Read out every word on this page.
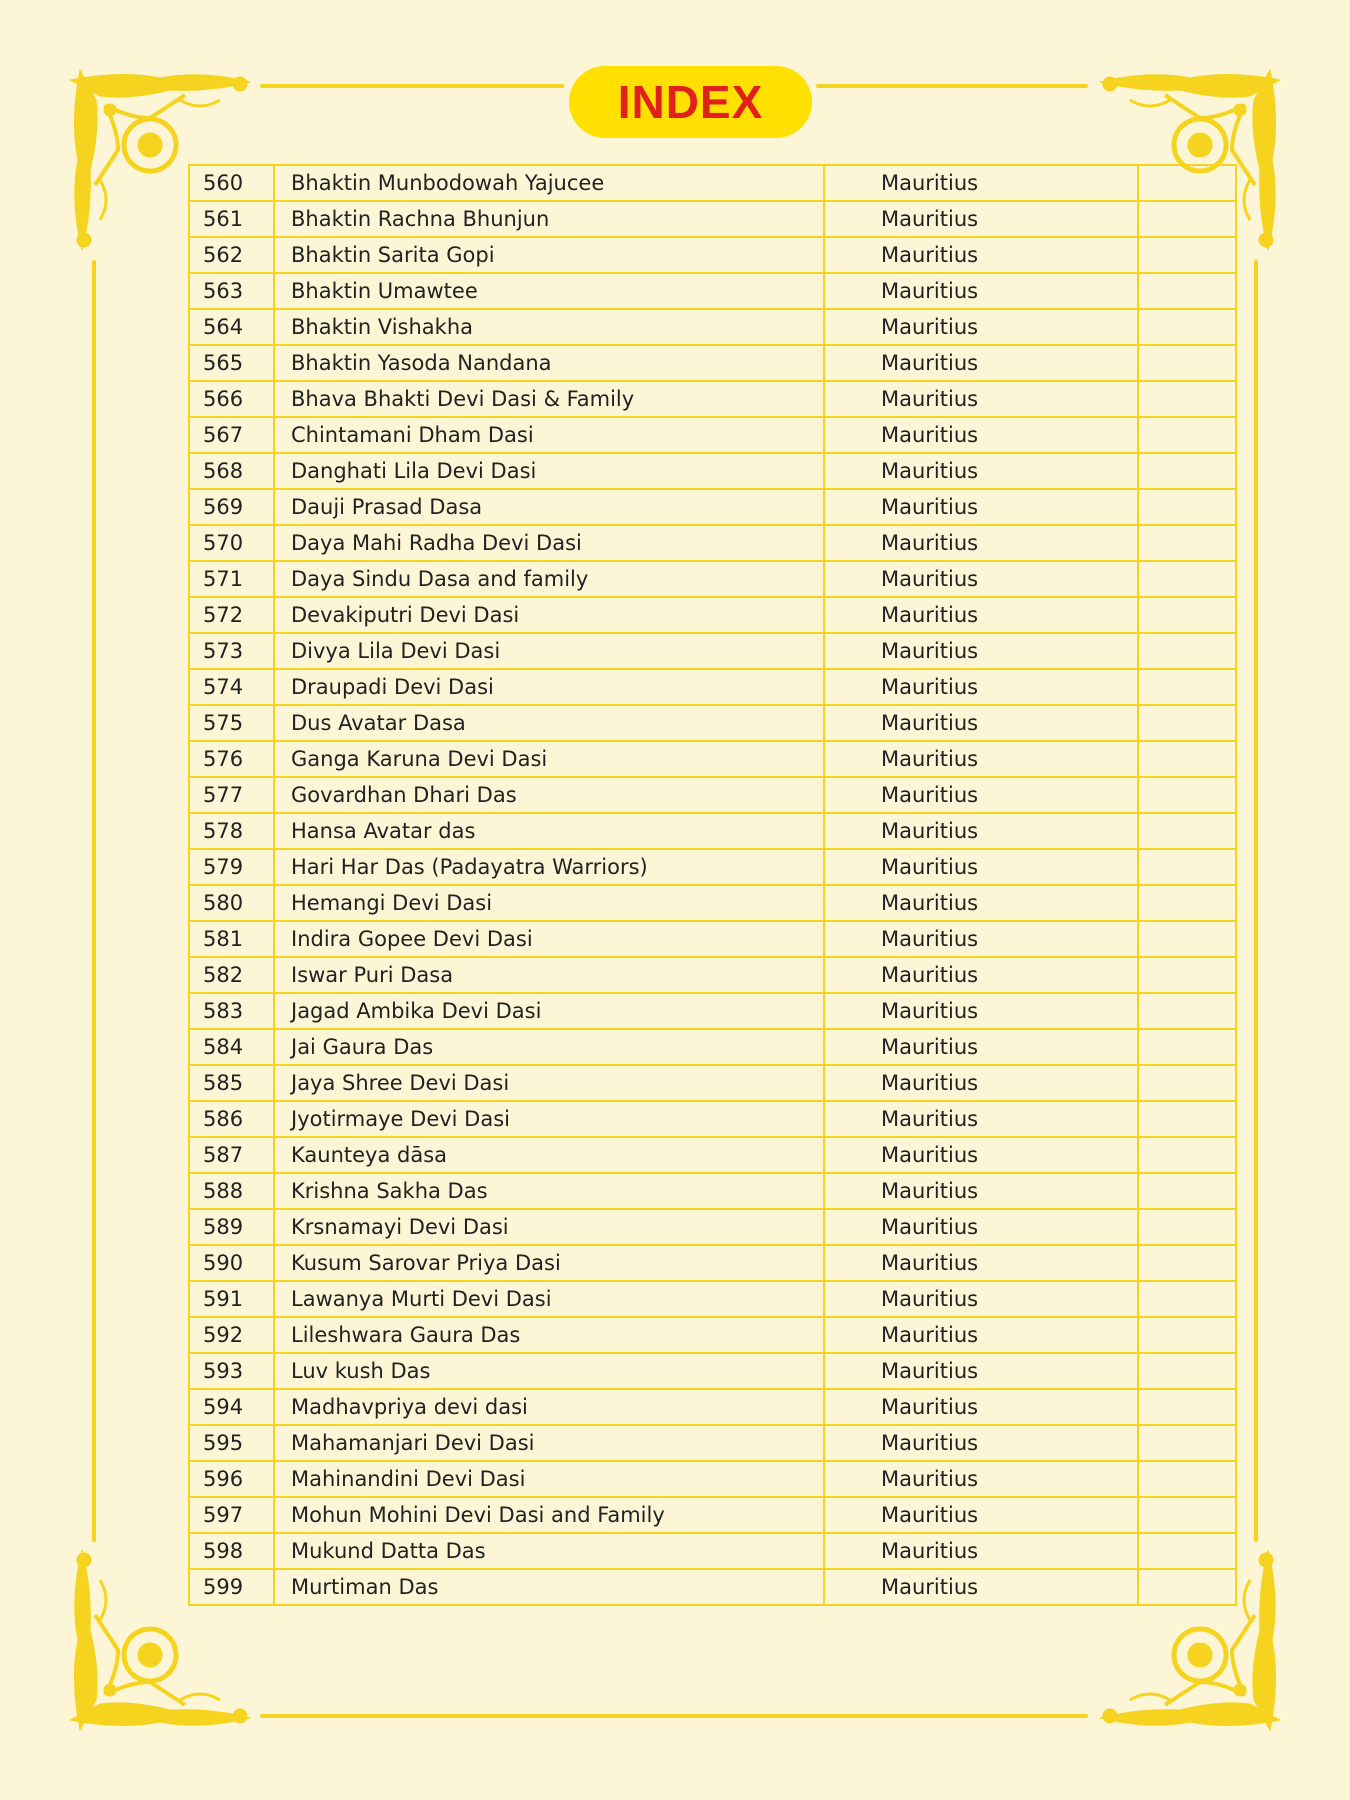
INDEX
560	Bhaktin Munbodowah Yajucee	Mauritius	
561	Bhaktin Rachna Bhunjun	Mauritius	
562	Bhaktin Sarita Gopi	Mauritius	
563	Bhaktin Umawtee	Mauritius	
564	Bhaktin Vishakha	Mauritius	
565	Bhaktin Yasoda Nandana	Mauritius	
566	Bhava Bhakti Devi Dasi & Family	Mauritius	
567	Chintamani Dham Dasi	Mauritius	
568	Danghati Lila Devi Dasi	Mauritius	
569	Dauji Prasad Dasa	Mauritius	
570	Daya Mahi Radha Devi Dasi	Mauritius	
571	Daya Sindu Dasa and family	Mauritius	
572	Devakiputri Devi Dasi	Mauritius	
573	Divya Lila Devi Dasi	Mauritius	
574	Draupadi Devi Dasi	Mauritius	
575	Dus Avatar Dasa	Mauritius	
576	Ganga Karuna Devi Dasi	Mauritius	
577	Govardhan Dhari Das	Mauritius	
578	Hansa Avatar das	Mauritius	
579	Hari Har Das (Padayatra Warriors)	Mauritius	
580	Hemangi Devi Dasi	Mauritius	
581	Indira Gopee Devi Dasi	Mauritius	
582	Iswar Puri Dasa	Mauritius	
583	Jagad Ambika Devi Dasi	Mauritius	
584	Jai Gaura Das	Mauritius	
585	Jaya Shree Devi Dasi	Mauritius	
586	Jyotirmaye Devi Dasi	Mauritius	
587	Kaunteya dāsa	Mauritius	
588	Krishna Sakha Das	Mauritius	
589	Krsnamayi Devi Dasi	Mauritius	
590	Kusum Sarovar Priya Dasi	Mauritius	
591	Lawanya Murti Devi Dasi	Mauritius	
592	Lileshwara Gaura Das	Mauritius	
593	Luv kush Das	Mauritius	
594	Madhavpriya devi dasi	Mauritius	
595	Mahamanjari Devi Dasi	Mauritius	
596	Mahinandini Devi Dasi	Mauritius	
597	Mohun Mohini Devi Dasi and Family	Mauritius	
598	Mukund Datta Das	Mauritius	
599	Murtiman Das	Mauritius	
